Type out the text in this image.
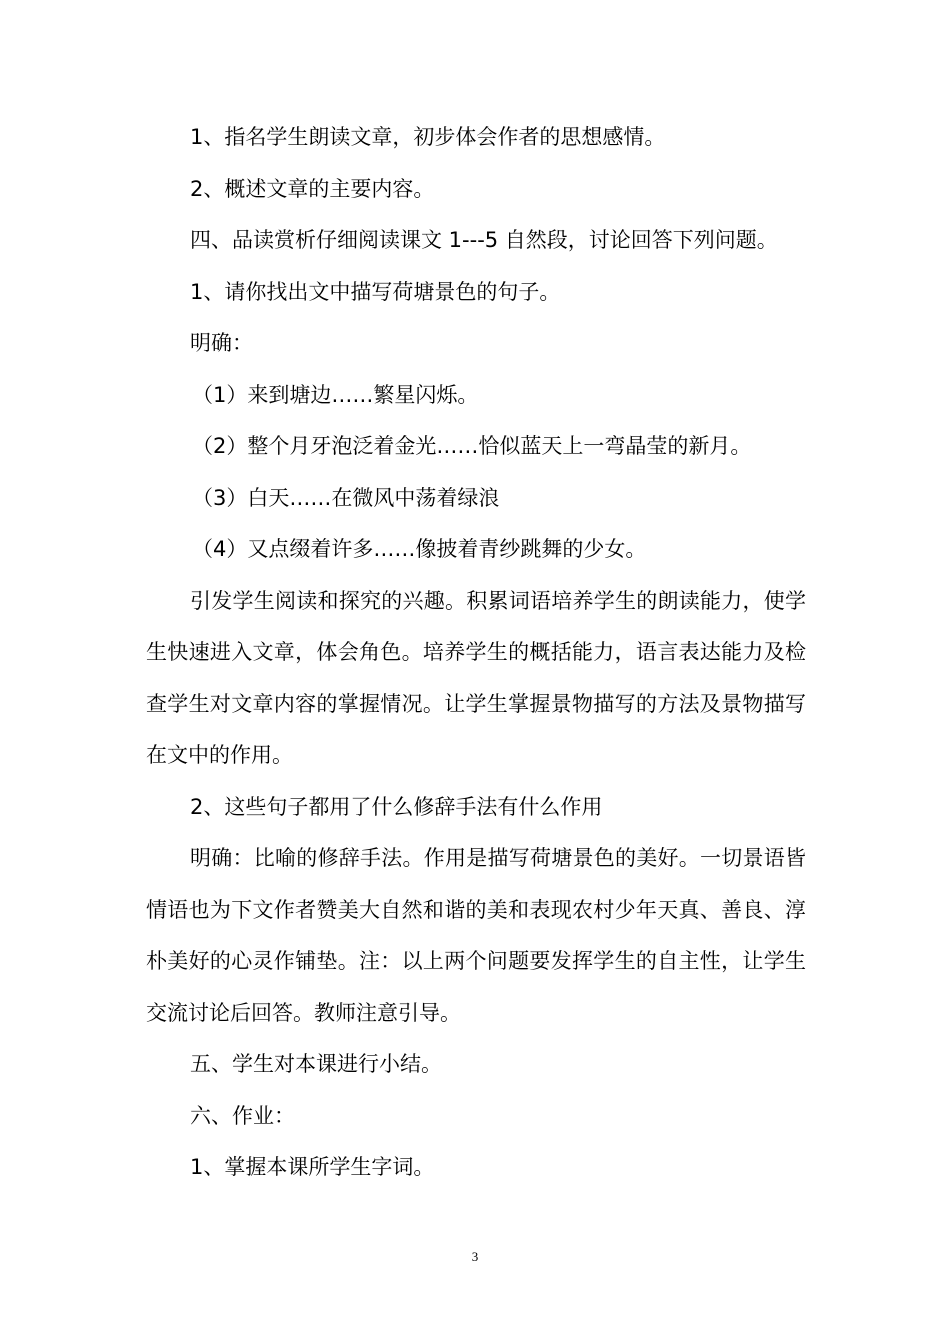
1、指名学生朗读文章，初步体会作者的思想感情。

2、概述文章的主要内容。

四、品读赏析仔细阅读课文 1---5 自然段，讨论回答下列问题。

1、请你找出文中描写荷塘景色的句子。

明确：

（1）来到塘边……繁星闪烁。

（2）整个月牙泡泛着金光……恰似蓝天上一弯晶莹的新月。

（3）白天……在微风中荡着绿浪

（4）又点缀着许多……像披着青纱跳舞的少女。

引发学生阅读和探究的兴趣。积累词语培养学生的朗读能力，使学生快速进入文章，体会角色。培养学生的概括能力，语言表达能力及检查学生对文章内容的掌握情况。让学生掌握景物描写的方法及景物描写在文中的作用。

2、这些句子都用了什么修辞手法有什么作用

明确：比喻的修辞手法。作用是描写荷塘景色的美好。一切景语皆情语也为下文作者赞美大自然和谐的美和表现农村少年天真、善良、淳朴美好的心灵作铺垫。注：以上两个问题要发挥学生的自主性，让学生交流讨论后回答。教师注意引导。

五、学生对本课进行小结。

六、作业：

1、掌握本课所学生字词。

3
